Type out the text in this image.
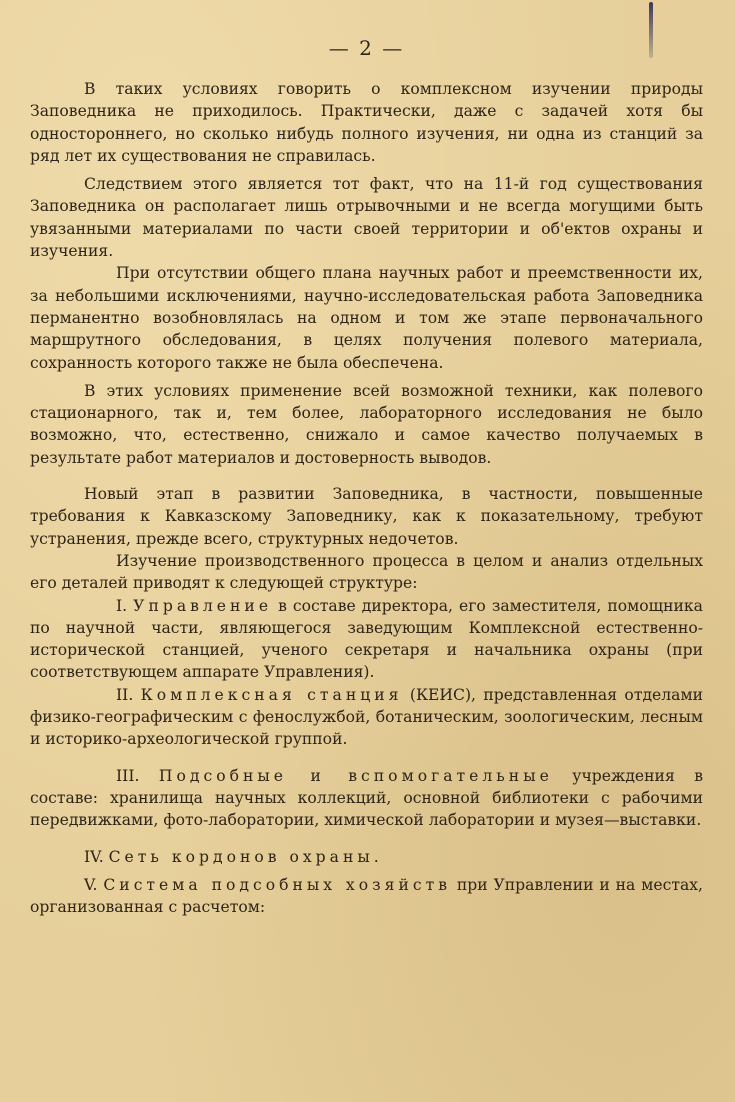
— 2 —

В таких условиях говорить о комплексном изучении природы Заповедника не приходилось. Практически, даже с задачей хотя бы одностороннего, но сколько нибудь полного изучения, ни одна из станций за ряд лет их существования не справилась.

Следствием этого является тот факт, что на 11-й год существования Заповедника он располагает лишь отрывочными и не всегда могущими быть увязанными материалами по части своей территории и об'ектов охраны и изучения.

При отсутствии общего плана научных работ и преемственности их, за небольшими исключениями, научно-исследовательская работа Заповедника перманентно возобновлялась на одном и том же этапе первоначального маршрутного обследования, в целях получения полевого материала, сохранность которого также не была обеспечена.

В этих условиях применение всей возможной техники, как полевого стационарного, так и, тем более, лабораторного исследования не было возможно, что, естественно, снижало и самое качество получаемых в результате работ материалов и достоверность выводов.

Новый этап в развитии Заповедника, в частности, повышенные требования к Кавказскому Заповеднику, как к показательному, требуют устранения, прежде всего, структурных недочетов.

Изучение производственного процесса в целом и анализ отдельных его деталей приводят к следующей структуре:

I. Управление в составе директора, его заместителя, помощника по научной части, являющегося заведующим Комплексной естественно-исторической станцией, ученого секретаря и начальника охраны (при соответствующем аппарате Управления).

II. Комплексная станция (КЕИС), представленная отделами физико-географическим с фенослужбой, ботаническим, зоологическим, лесным и историко-археологической группой.

III. Подсобные и вспомогательные учреждения в составе: хранилища научных коллекций, основной библиотеки с рабочими передвижками, фото-лаборатории, химической лаборатории и музея—выставки.

IV. Сеть кордонов охраны.

V. Система подсобных хозяйств при Управлении и на местах, организованная с расчетом:
